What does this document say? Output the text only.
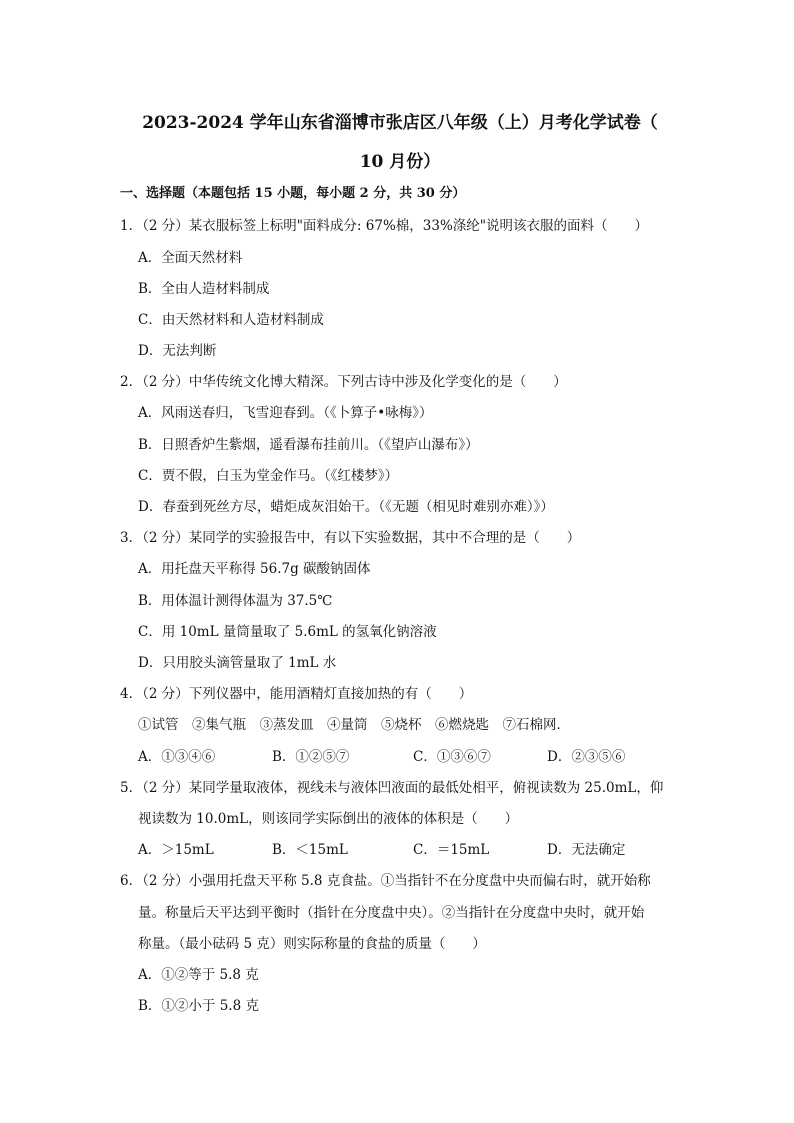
2023-2024 学年山东省淄博市张店区八年级（上）月考化学试卷（
10 月份）
一、选择题（本题包括 15 小题，每小题 2 分，共 30 分）
1．（2 分）某衣服标签上标明"面料成分: 67%棉，33%涤纶"说明该衣服的面料（　　）
A．全面天然材料
B．全由人造材料制成
C．由天然材料和人造材料制成
D．无法判断
2．（2 分）中华传统文化博大精深。下列古诗中涉及化学变化的是（　　）
A．风雨送春归，飞雪迎春到。（《卜算子•咏梅》）
B．日照香炉生紫烟，遥看瀑布挂前川。（《望庐山瀑布》）
C．贾不假，白玉为堂金作马。（《红楼梦》）
D．春蚕到死丝方尽，蜡炬成灰泪始干。（《无题（相见时难别亦难）》）
3．（2 分）某同学的实验报告中，有以下实验数据，其中不合理的是（　　）
A．用托盘天平称得 56.7g 碳酸钠固体
B．用体温计测得体温为 37.5℃
C．用 10mL 量筒量取了 5.6mL 的氢氧化钠溶液
D．只用胶头滴管量取了 1mL 水
4．（2 分）下列仪器中，能用酒精灯直接加热的有（　　）
①试管　②集气瓶　③蒸发皿　④量筒　⑤烧杯　⑥燃烧匙　⑦石棉网．
A．①③④⑥	B．①②⑤⑦	C．①③⑥⑦	D．②③⑤⑥
5．（2 分）某同学量取液体，视线未与液体凹液面的最低处相平，俯视读数为 25.0mL，仰
视读数为 10.0mL，则该同学实际倒出的液体的体积是（　　）
A．＞15mL	B．＜15mL	C．＝15mL	D．无法确定
6．（2 分）小强用托盘天平称 5.8 克食盐。①当指针不在分度盘中央而偏右时，就开始称
量。称量后天平达到平衡时（指针在分度盘中央）。②当指针在分度盘中央时，就开始
称量。（最小砝码 5 克）则实际称量的食盐的质量（　　）
A．①②等于 5.8 克
B．①②小于 5.8 克
